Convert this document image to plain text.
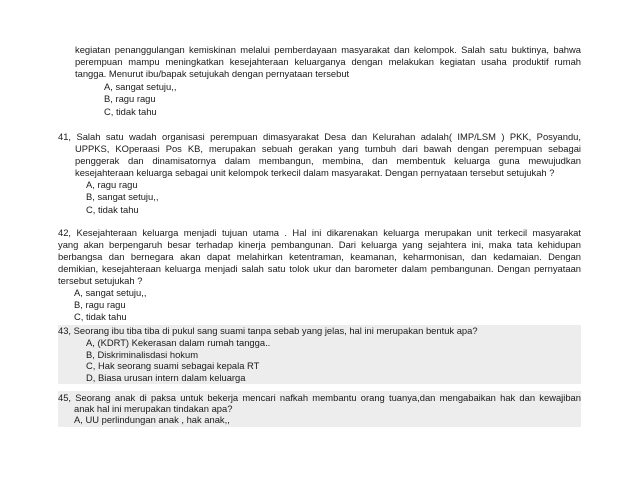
kegiatan penanggulangan kemiskinan melalui pemberdayaan masyarakat dan kelompok. Salah satu buktinya, bahwa
perempuan mampu meningkatkan kesejahteraan keluarganya dengan melakukan kegiatan usaha produktif rumah
tangga. Menurut ibu/bapak setujukah dengan pernyataan tersebut
A, sangat setuju,,
B, ragu ragu
C, tidak tahu
41, Salah satu wadah organisasi perempuan dimasyarakat Desa dan Kelurahan adalah( IMP/LSM ) PKK, Posyandu,
UPPKS, KOperaasi Pos KB, merupakan sebuah gerakan yang tumbuh dari bawah dengan perempuan sebagai
penggerak dan dinamisatornya dalam membangun, membina, dan membentuk keluarga guna mewujudkan
kesejahteraan keluarga sebagai unit kelompok terkecil dalam masyarakat. Dengan pernyataan tersebut setujukah ?
A, ragu ragu
B, sangat setuju,,
C, tidak tahu
42, Kesejahteraan keluarga menjadi tujuan utama . Hal ini dikarenakan keluarga merupakan unit terkecil masyarakat
yang akan berpengaruh besar terhadap kinerja pembangunan. Dari keluarga yang sejahtera ini, maka tata kehidupan
berbangsa dan bernegara akan dapat melahirkan ketentraman, keamanan, keharmonisan, dan kedamaian. Dengan
demikian, kesejahteraan keluarga menjadi salah satu tolok ukur dan barometer dalam pembangunan. Dengan pernyataan
tersebut setujukah ?
A, sangat setuju,,
B, ragu ragu
C, tidak tahu
43, Seorang ibu tiba tiba di pukul sang suami tanpa sebab yang jelas, hal ini merupakan bentuk apa?
A, (KDRT) Kekerasan dalam rumah tangga..
B, Diskriminalisdasi hokum
C, Hak seorang suami sebagai kepala RT
D, Biasa urusan intern dalam keluarga
45, Seorang anak di paksa untuk bekerja mencari nafkah membantu orang tuanya,dan mengabaikan hak dan kewajiban
anak hal ini merupakan tindakan apa?
A, UU perlindungan anak , hak anak,,
